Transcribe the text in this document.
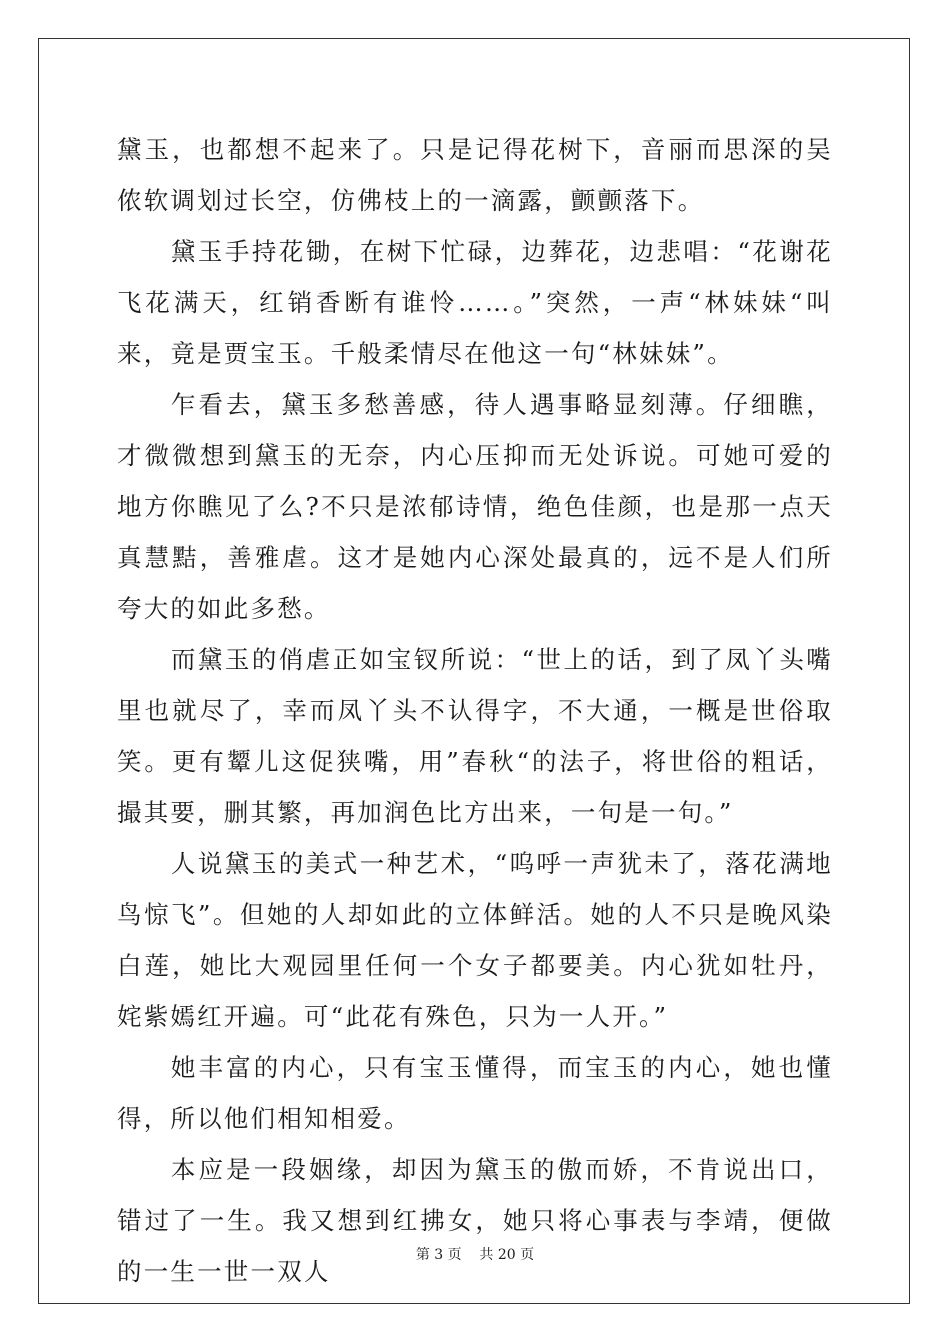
黛玉，也都想不起来了。只是记得花树下，音丽而思深的吴侬软调划过长空，仿佛枝上的一滴露，颤颤落下。

黛玉手持花锄，在树下忙碌，边葬花，边悲唱：“花谢花飞花满天，红销香断有谁怜……。”突然，一声“林妹妹“叫来，竟是贾宝玉。千般柔情尽在他这一句“林妹妹”。

乍看去，黛玉多愁善感，待人遇事略显刻薄。仔细瞧，才微微想到黛玉的无奈，内心压抑而无处诉说。可她可爱的地方你瞧见了么?不只是浓郁诗情，绝色佳颜，也是那一点天真慧黠，善雅虐。这才是她内心深处最真的，远不是人们所夸大的如此多愁。

而黛玉的俏虐正如宝钗所说：“世上的话，到了凤丫头嘴里也就尽了，幸而凤丫头不认得字，不大通，一概是世俗取笑。更有颦儿这促狭嘴，用”春秋“的法子，将世俗的粗话，撮其要，删其繁，再加润色比方出来，一句是一句。”

人说黛玉的美式一种艺术，“呜呼一声犹未了，落花满地鸟惊飞”。但她的人却如此的立体鲜活。她的人不只是晚风染白莲，她比大观园里任何一个女子都要美。内心犹如牡丹，姹紫嫣红开遍。可“此花有殊色，只为一人开。”

她丰富的内心，只有宝玉懂得，而宝玉的内心，她也懂得，所以他们相知相爱。

本应是一段姻缘，却因为黛玉的傲而娇，不肯说出口，错过了一生。我又想到红拂女，她只将心事表与李靖，便做的一生一世一双人

第 3 页    共 20 页
